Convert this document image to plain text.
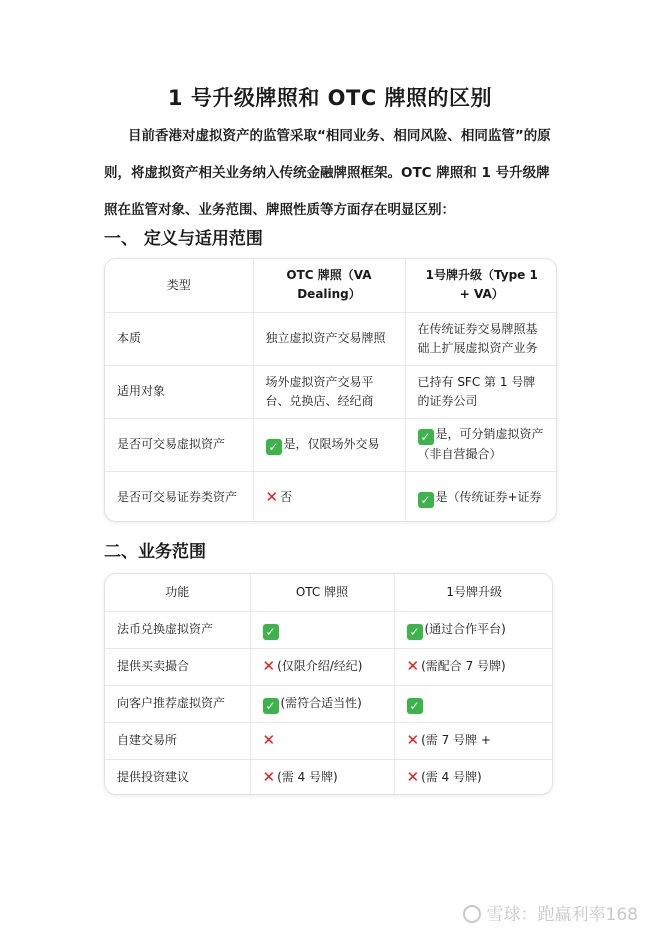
1 号升级牌照和 OTC 牌照的区别
目前香港对虚拟资产的监管采取“相同业务、相同风险、相同监管”的原则，将虚拟资产相关业务纳入传统金融牌照框架。OTC 牌照和 1 号升级牌照在监管对象、业务范围、牌照性质等方面存在明显区别：
一、 定义与适用范围
类型	OTC 牌照（VA Dealing）	1号牌升级（Type 1 + VA）
本质	独立虚拟资产交易牌照	在传统证券交易牌照基础上扩展虚拟资产业务
适用对象	场外虚拟资产交易平台、兑换店、经纪商	已持有 SFC 第 1 号牌的证券公司
是否可交易虚拟资产	✓ 是，仅限场外交易	✓ 是，可分销虚拟资产（非自营撮合）
是否可交易证券类资产	✕ 否	✓ 是（传统证券+证券
二、业务范围
功能	OTC 牌照	1号牌升级
法币兑换虚拟资产	✓	✓ (通过合作平台)
提供买卖撮合	✕ (仅限介绍/经纪)	✕ (需配合 7 号牌)
向客户推荐虚拟资产	✓ (需符合适当性)	✓
自建交易所	✕	✕ (需 7 号牌 +
提供投资建议	✕ (需 4 号牌)	✕ (需 4 号牌)
雪球：跑赢利率168
